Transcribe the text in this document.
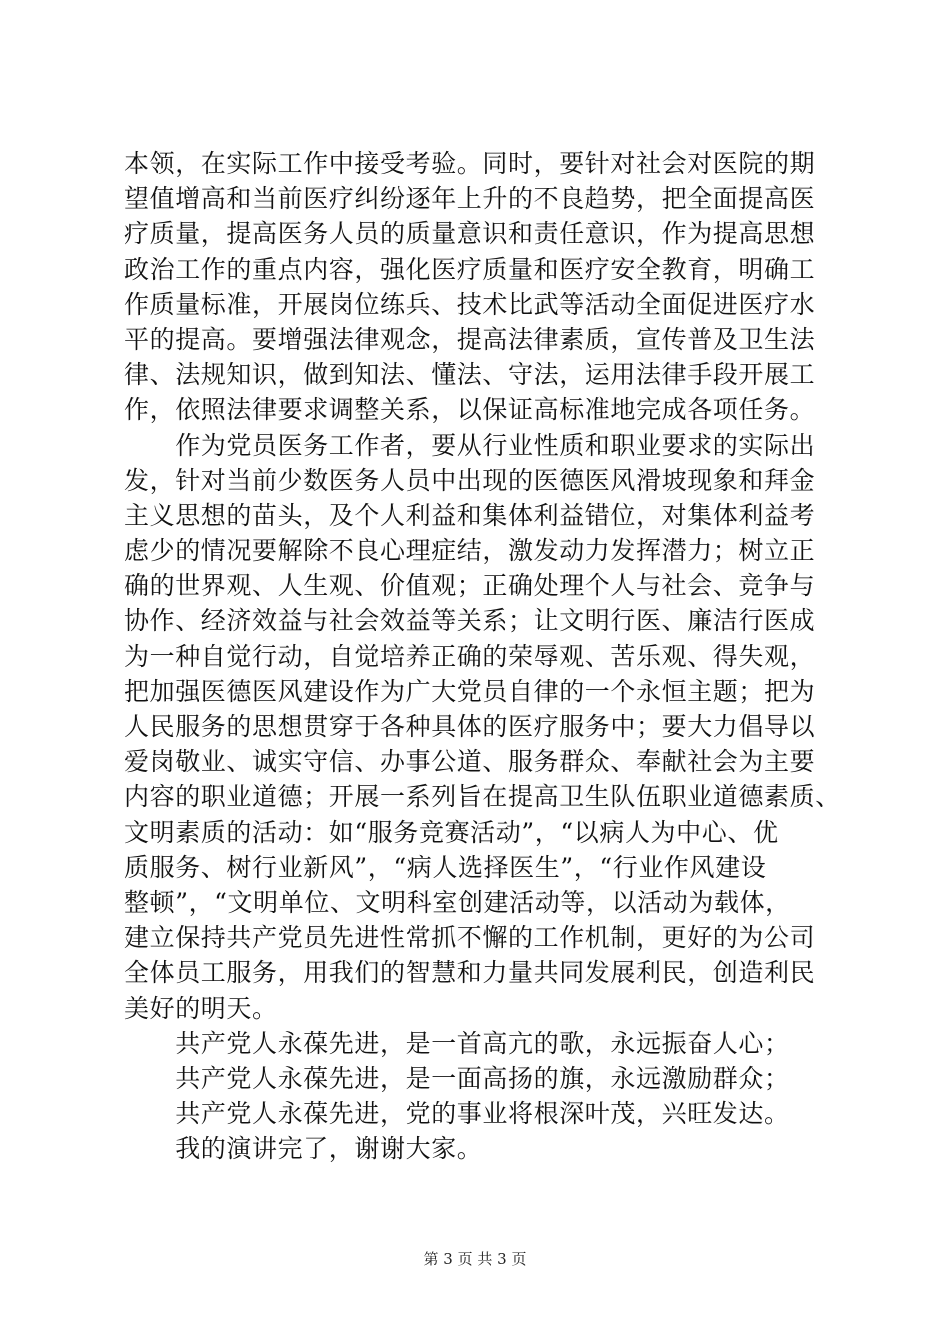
本领，在实际工作中接受考验。同时，要针对社会对医院的期
望值增高和当前医疗纠纷逐年上升的不良趋势，把全面提高医
疗质量，提高医务人员的质量意识和责任意识，作为提高思想
政治工作的重点内容，强化医疗质量和医疗安全教育，明确工
作质量标准，开展岗位练兵、技术比武等活动全面促进医疗水
平的提高。要增强法律观念，提高法律素质，宣传普及卫生法
律、法规知识，做到知法、懂法、守法，运用法律手段开展工
作，依照法律要求调整关系，以保证高标准地完成各项任务。
　　作为党员医务工作者，要从行业性质和职业要求的实际出
发，针对当前少数医务人员中出现的医德医风滑坡现象和拜金
主义思想的苗头，及个人利益和集体利益错位，对集体利益考
虑少的情况要解除不良心理症结，激发动力发挥潜力；树立正
确的世界观、人生观、价值观；正确处理个人与社会、竞争与
协作、经济效益与社会效益等关系；让文明行医、廉洁行医成
为一种自觉行动，自觉培养正确的荣辱观、苦乐观、得失观，
把加强医德医风建设作为广大党员自律的一个永恒主题；把为
人民服务的思想贯穿于各种具体的医疗服务中；要大力倡导以
爱岗敬业、诚实守信、办事公道、服务群众、奉献社会为主要
内容的职业道德；开展一系列旨在提高卫生队伍职业道德素质、
文明素质的活动：如“服务竞赛活动”，“以病人为中心、优
质服务、树行业新风”，“病人选择医生”，“行业作风建设
整顿”，“文明单位、文明科室创建活动等，以活动为载体，
建立保持共产党员先进性常抓不懈的工作机制，更好的为公司
全体员工服务，用我们的智慧和力量共同发展利民，创造利民
美好的明天。
　　共产党人永葆先进，是一首高亢的歌，永远振奋人心；
　　共产党人永葆先进，是一面高扬的旗，永远激励群众；
　　共产党人永葆先进，党的事业将根深叶茂，兴旺发达。
　　我的演讲完了，谢谢大家。
第 3 页 共 3 页
